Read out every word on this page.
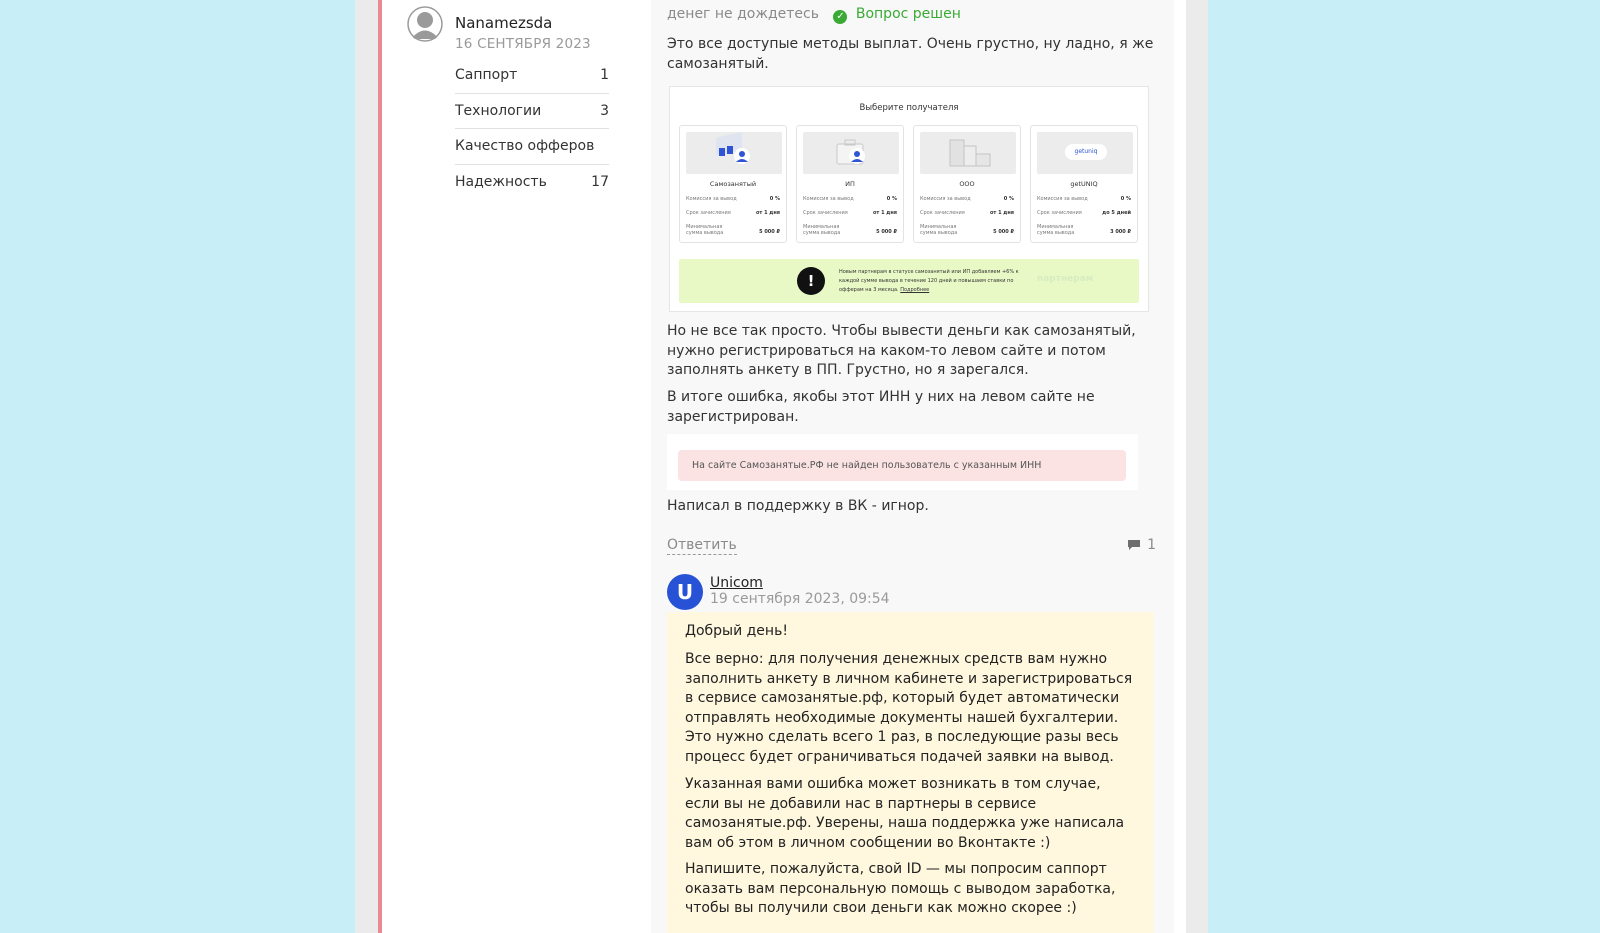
Nanamezsda
16 СЕНТЯБРЯ 2023
Саппорт	1
Технологии	3
Качество офферов
Надежность	17
денег не дождетесь ✓ Вопрос решен
Это все доступые методы выплат. Очень грустно, ну ладно, я же самозанятый.
Выберите получателя
Самозанятый
Комиссия за вывод	0 %
Срок зачисления	от 1 дня
Минимальная сумма вывода	5 000 ₽
ИП
Комиссия за вывод	0 %
Срок зачисления	от 1 дня
Минимальная сумма вывода	5 000 ₽
ООО
Комиссия за вывод	0 %
Срок зачисления	от 1 дня
Минимальная сумма вывода	5 000 ₽
getuniq
getUNIQ
Комиссия за вывод	0 %
Срок зачисления	до 5 дней
Минимальная сумма вывода	3 000 ₽
!	Новым партнерам в статусе самозанятый или ИП добавляем +6% к каждой сумме вывода в течение 120 дней и повышаем ставки по офферам на 3 месяца. Подробнее
партнерам
Но не все так просто. Чтобы вывести деньги как самозанятый, нужно регистрироваться на каком-то левом сайте и потом заполнять анкету в ПП. Грустно, но я зарегался.
В итоге ошибка, якобы этот ИНН у них на левом сайте не зарегистрирован.
На сайте Самозанятые.РФ не найден пользователь с указанным ИНН
Написал в поддержку в ВК - игнор.
Ответить	1
U	Unicom
19 сентября 2023, 09:54
Добрый день!
Все верно: для получения денежных средств вам нужно заполнить анкету в личном кабинете и зарегистрироваться в сервисе самозанятые.рф, который будет автоматически отправлять необходимые документы нашей бухгалтерии. Это нужно сделать всего 1 раз, в последующие разы весь процесс будет ограничиваться подачей заявки на вывод.
Указанная вами ошибка может возникать в том случае, если вы не добавили нас в партнеры в сервисе самозанятые.рф. Уверены, наша поддержка уже написала вам об этом в личном сообщении во Вконтакте :)
Напишите, пожалуйста, свой ID — мы попросим саппорт оказать вам персональную помощь с выводом заработка, чтобы вы получили свои деньги как можно скорее :)
